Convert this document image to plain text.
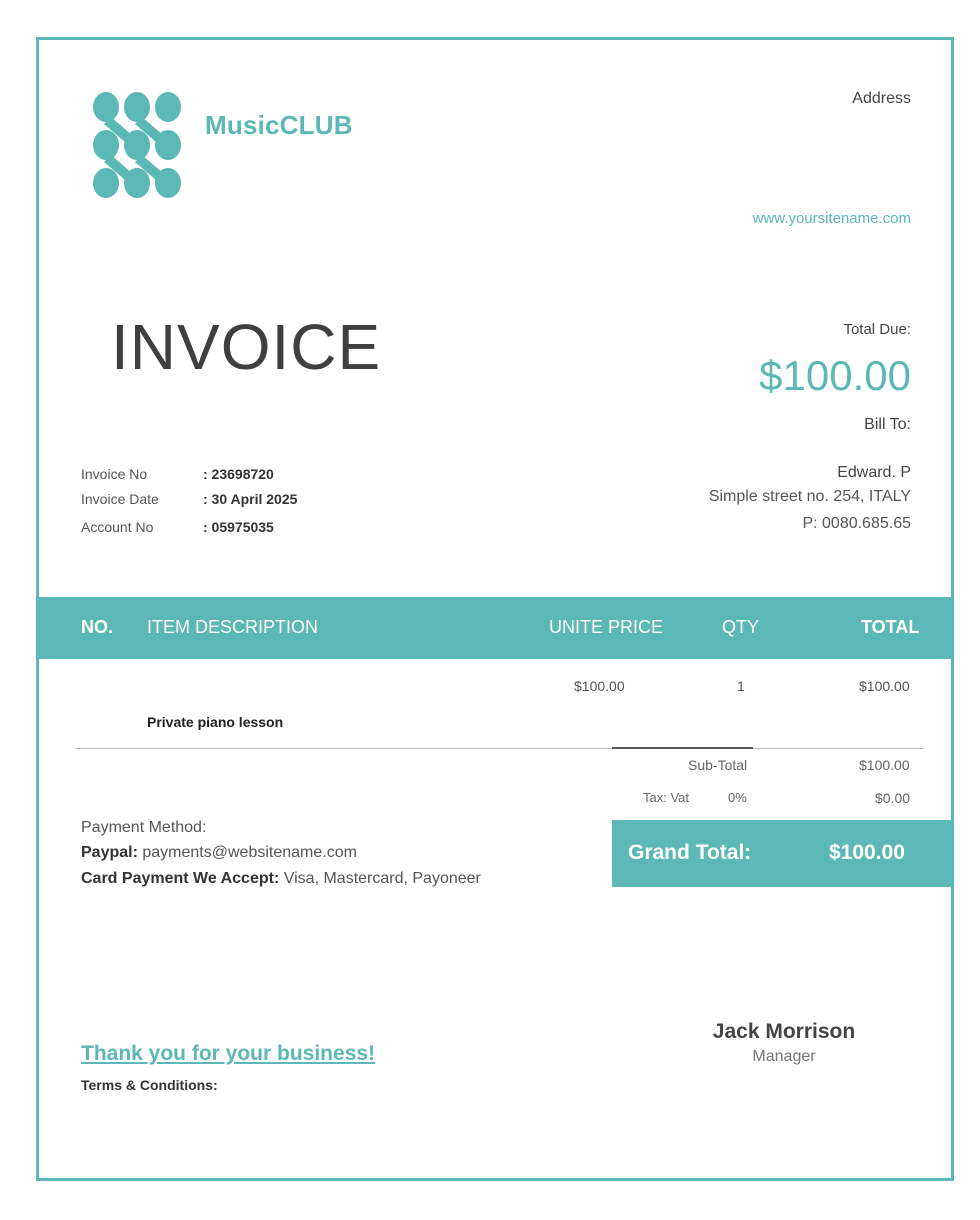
MusicCLUB
Address
www.yoursitename.com
INVOICE	Total Due:
$100.00
Bill To:
Invoice No	: 23698720
Invoice Date	: 30 April 2025
Account No	: 05975035
Edward. P
Simple street no. 254, ITALY
P: 0080.685.65
NO. ITEM DESCRIPTION	UNITE PRICE	QTY	TOTAL
$100.00	1	$100.00
Private piano lesson
Sub-Total	$100.00
Tax: Vat	0%	$0.00
Grand Total:	$100.00
Payment Method:
Paypal: payments@websitename.com
Card Payment We Accept: Visa, Mastercard, Payoneer
Thank you for your business!
Terms & Conditions:
Jack Morrison
Manager
